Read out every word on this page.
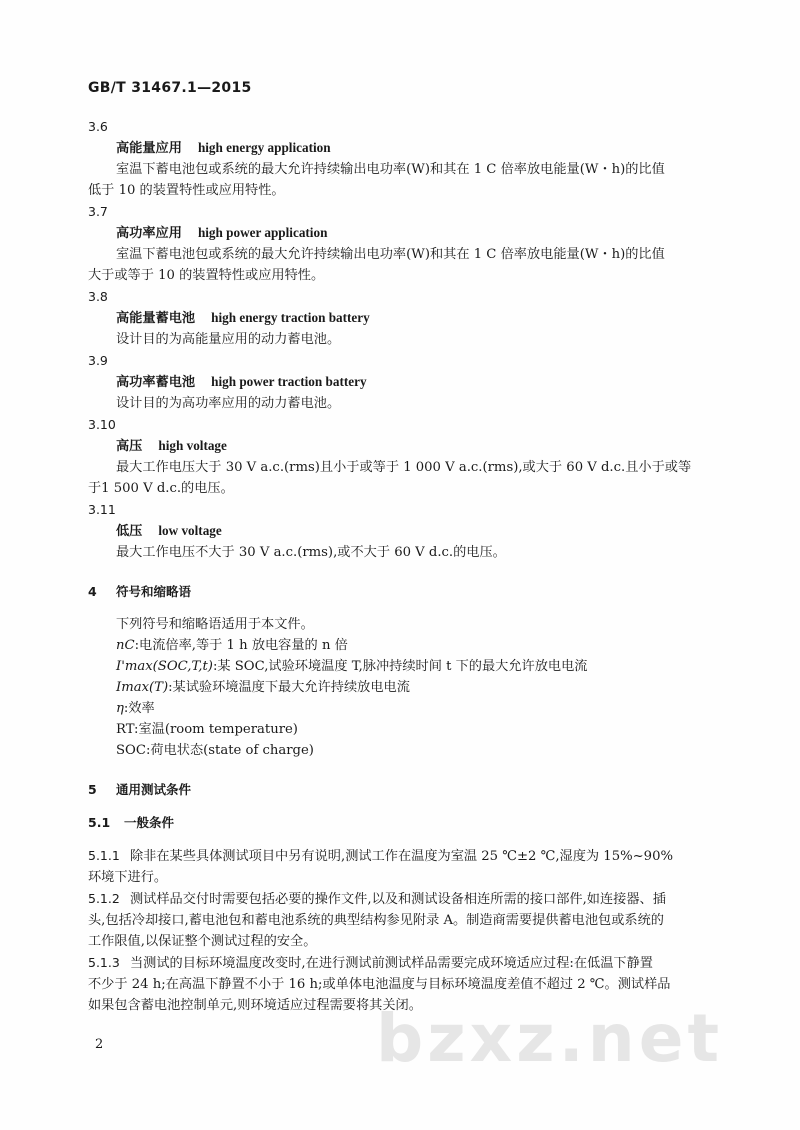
GB/T 31467.1—2015
3.6
高能量应用 high energy application
室温下蓄电池包或系统的最大允许持续输出电功率(W)和其在 1 C 倍率放电能量(W・h)的比值
低于 10 的装置特性或应用特性。
3.7
高功率应用 high power application
室温下蓄电池包或系统的最大允许持续输出电功率(W)和其在 1 C 倍率放电能量(W・h)的比值
大于或等于 10 的装置特性或应用特性。
3.8
高能量蓄电池 high energy traction battery
设计目的为高能量应用的动力蓄电池。
3.9
高功率蓄电池 high power traction battery
设计目的为高功率应用的动力蓄电池。
3.10
高压 high voltage
最大工作电压大于 30 V a.c.(rms)且小于或等于 1 000 V a.c.(rms),或大于 60 V d.c.且小于或等
于1 500 V d.c.的电压。
3.11
低压 low voltage
最大工作电压不大于 30 V a.c.(rms),或不大于 60 V d.c.的电压。
4 符号和缩略语
下列符号和缩略语适用于本文件。
nC:电流倍率,等于 1 h 放电容量的 n 倍
I'max(SOC,T,t):某 SOC,试验环境温度 T,脉冲持续时间 t 下的最大允许放电电流
Imax(T):某试验环境温度下最大允许持续放电电流
η:效率
RT:室温(room temperature)
SOC:荷电状态(state of charge)
5 通用测试条件
5.1 一般条件
5.1.1 除非在某些具体测试项目中另有说明,测试工作在温度为室温 25 ℃±2 ℃,湿度为 15%~90%
环境下进行。
5.1.2 测试样品交付时需要包括必要的操作文件,以及和测试设备相连所需的接口部件,如连接器、插
头,包括冷却接口,蓄电池包和蓄电池系统的典型结构参见附录 A。制造商需要提供蓄电池包或系统的
工作限值,以保证整个测试过程的安全。
5.1.3 当测试的目标环境温度改变时,在进行测试前测试样品需要完成环境适应过程:在低温下静置
不少于 24 h;在高温下静置不小于 16 h;或单体电池温度与目标环境温度差值不超过 2 ℃。测试样品
如果包含蓄电池控制单元,则环境适应过程需要将其关闭。
2	bzxz.net
